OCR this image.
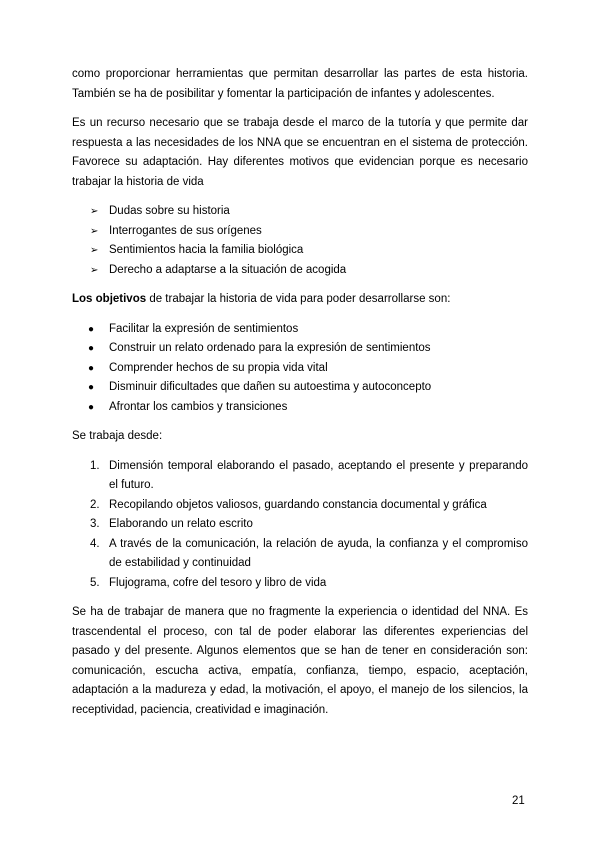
como proporcionar herramientas que permitan desarrollar las partes de esta historia. También se ha de posibilitar y fomentar la participación de infantes y adolescentes.

Es un recurso necesario que se trabaja desde el marco de la tutoría y que permite dar respuesta a las necesidades de los NNA que se encuentran en el sistema de protección. Favorece su adaptación. Hay diferentes motivos que evidencian porque es necesario trabajar la historia de vida

➢ Dudas sobre su historia
➢ Interrogantes de sus orígenes
➢ Sentimientos hacia la familia biológica
➢ Derecho a adaptarse a la situación de acogida

Los objetivos de trabajar la historia de vida para poder desarrollarse son:

● Facilitar la expresión de sentimientos
● Construir un relato ordenado para la expresión de sentimientos
● Comprender hechos de su propia vida vital
● Disminuir dificultades que dañen su autoestima y autoconcepto
● Afrontar los cambios y transiciones

Se trabaja desde:

1. Dimensión temporal elaborando el pasado, aceptando el presente y preparando el futuro.
2. Recopilando objetos valiosos, guardando constancia documental y gráfica
3. Elaborando un relato escrito
4. A través de la comunicación, la relación de ayuda, la confianza y el compromiso de estabilidad y continuidad
5. Flujograma, cofre del tesoro y libro de vida

Se ha de trabajar de manera que no fragmente la experiencia o identidad del NNA. Es trascendental el proceso, con tal de poder elaborar las diferentes experiencias del pasado y del presente. Algunos elementos que se han de tener en consideración son: comunicación, escucha activa, empatía, confianza, tiempo, espacio, aceptación, adaptación a la madureza y edad, la motivación, el apoyo, el manejo de los silencios, la receptividad, paciencia, creatividad e imaginación.

21
